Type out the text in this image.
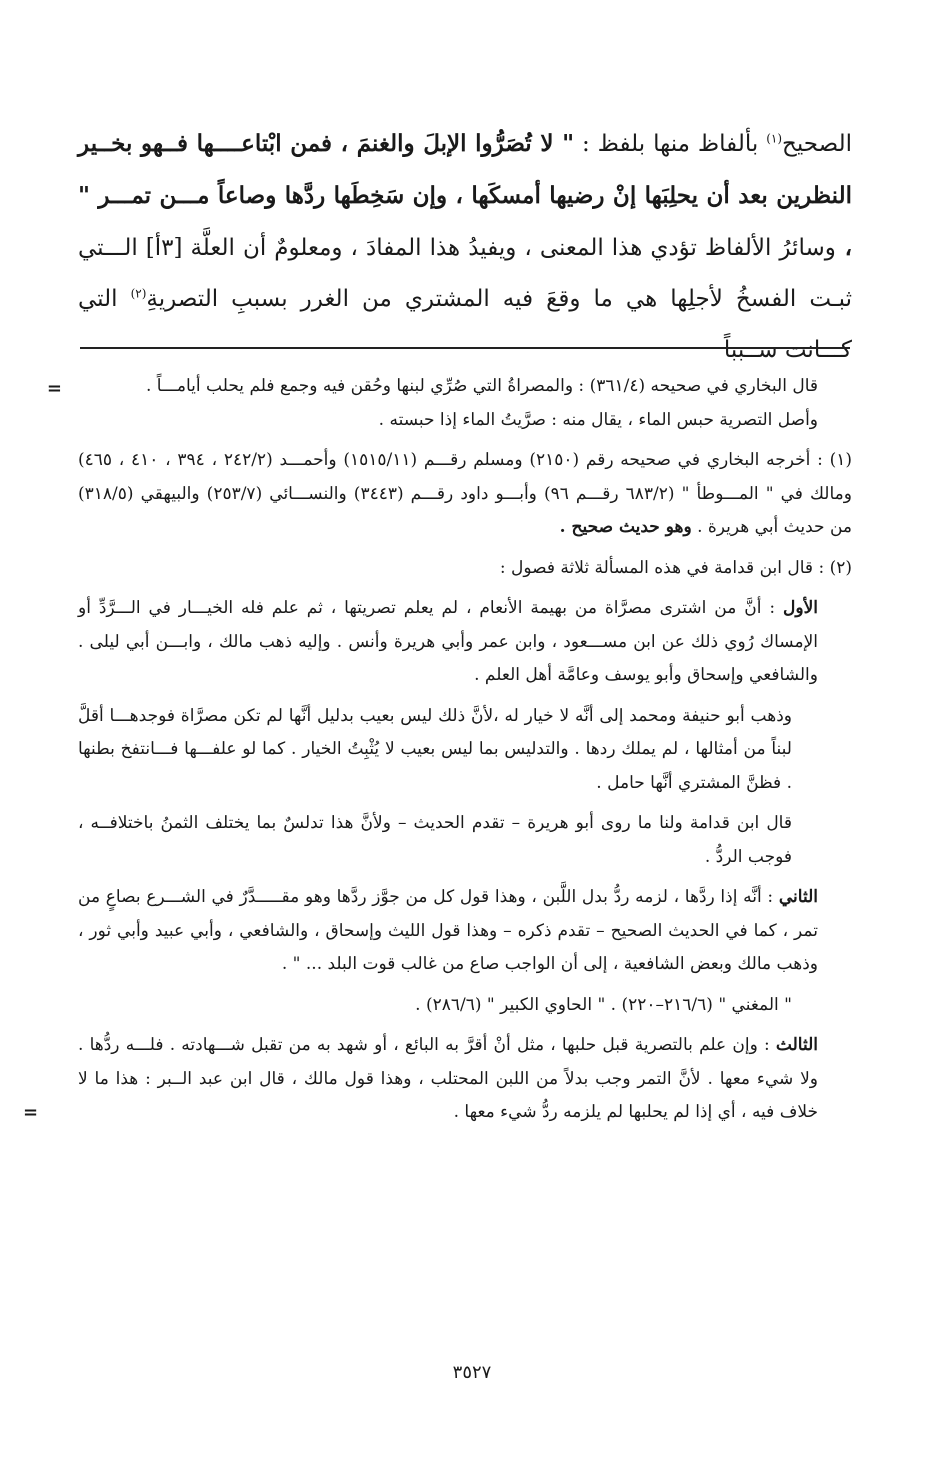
الصحيح$^{(١)}$ بألفاظ منها بلفظ : " لا تُصَرُّوا الإبلَ والغنمَ ، فمن ابْتاعــــها فــهو بخــير النظرين بعد أن يحلِبَها إنْ رضيها أمسكَها ، وإن سَخِطَها ردَّها وصاعاً مـــن تمـــر " ، وسائرُ الألفاظ تؤدي هذا المعنى ، ويفيدُ هذا المفادَ ، ومعلومٌ أن العلَّة [٣أ] الـــتي ثبـت الفسخُ لأجلِها هي ما وقعَ فيه المشتري من الغرر بسببِ التصريةِ$^{(٢)}$ التي كـــانت ســبباً

=	قال البخاري في صحيحه (٣٦١/٤) : والمصراةُ التي صُرِّي لبنها وحُقن فيه وجمع فلم يحلب أيامـــاً .
وأصل التصرية حبس الماء ، يقال منه : صرَّيتُ الماء إذا حبسته .
(١) : أخرجه البخاري في صحيحه رقم (٢١٥٠) ومسلم رقـــم (١٥١٥/١١) وأحمـــد (٢٤٢/٢ ، ٣٩٤ ، ٤١٠ ، ٤٦٥) ومالك في " المـــوطأ " (٦٨٣/٢ رقـــم ٩٦) وأبـــو داود رقـــم (٣٤٤٣) والنســـائي (٢٥٣/٧) والبيهقي (٣١٨/٥) من حديث أبي هريرة . وهو حديث صحيح .
(٢) : قال ابن قدامة في هذه المسألة ثلاثة فصول :
الأول : أنَّ من اشترى مصرَّاة من بهيمة الأنعام ، لم يعلم تصريتها ، ثم علم فله الخيـــار في الـــرَّدِّ أو الإمساك رُوي ذلك عن ابن مســـعود ، وابن عمر وأبي هريرة وأنس . وإليه ذهب مالك ، وابـــن أبي ليلى . والشافعي وإسحاق وأبو يوسف وعامَّة أهل العلم .
وذهب أبو حنيفة ومحمد إلى أنَّه لا خيار له ،لأنَّ ذلك ليس بعيب بدليل أنَّها لم تكن مصرَّاة فوجدهـــا أقلَّ لبناً من أمثالها ، لم يملك ردها . والتدليس بما ليس بعيب لا يُثْبِتُ الخيار . كما لو علفـــها فـــانتفخ بطنها . فظنَّ المشتري أنَّها حامل .
قال ابن قدامة ولنا ما روى أبو هريرة – تقدم الحديث – ولأنَّ هذا تدلسٌ بما يختلف الثمنُ باختلافــه ، فوجب الردُّ .
الثاني : أنَّه إذا ردَّها ، لزمه ردُّ بدل اللَّبن ، وهذا قول كل من جوَّز ردَّها وهو مقـــــدَّرٌ في الشـــرع بصاعٍ من تمر ، كما في الحديث الصحيح – تقدم ذكره – وهذا قول الليث وإسحاق ، والشافعي ، وأبي عبيد وأبي ثور ، وذهب مالك وبعض الشافعية ، إلى أن الواجب صاع من غالب قوت البلد ... " .
" المغني " (٢١٦/٦–٢٢٠) . " الحاوي الكبير " (٢٨٦/٦) .
الثالث : وإن علم بالتصرية قبل حلبها ، مثل أنْ أقرَّ به البائع ، أو شهد به من تقبل شـــهادته . فلـــه ردُّها . ولا شيء معها . لأنَّ التمر وجب بدلاً من اللبن المحتلب ، وهذا قول مالك ، قال ابن عبد الــبر : هذا ما لا خلاف فيه ، أي إذا لم يحلبها لم يلزمه ردُّ شيء معها .
=
٣٥٢٧
